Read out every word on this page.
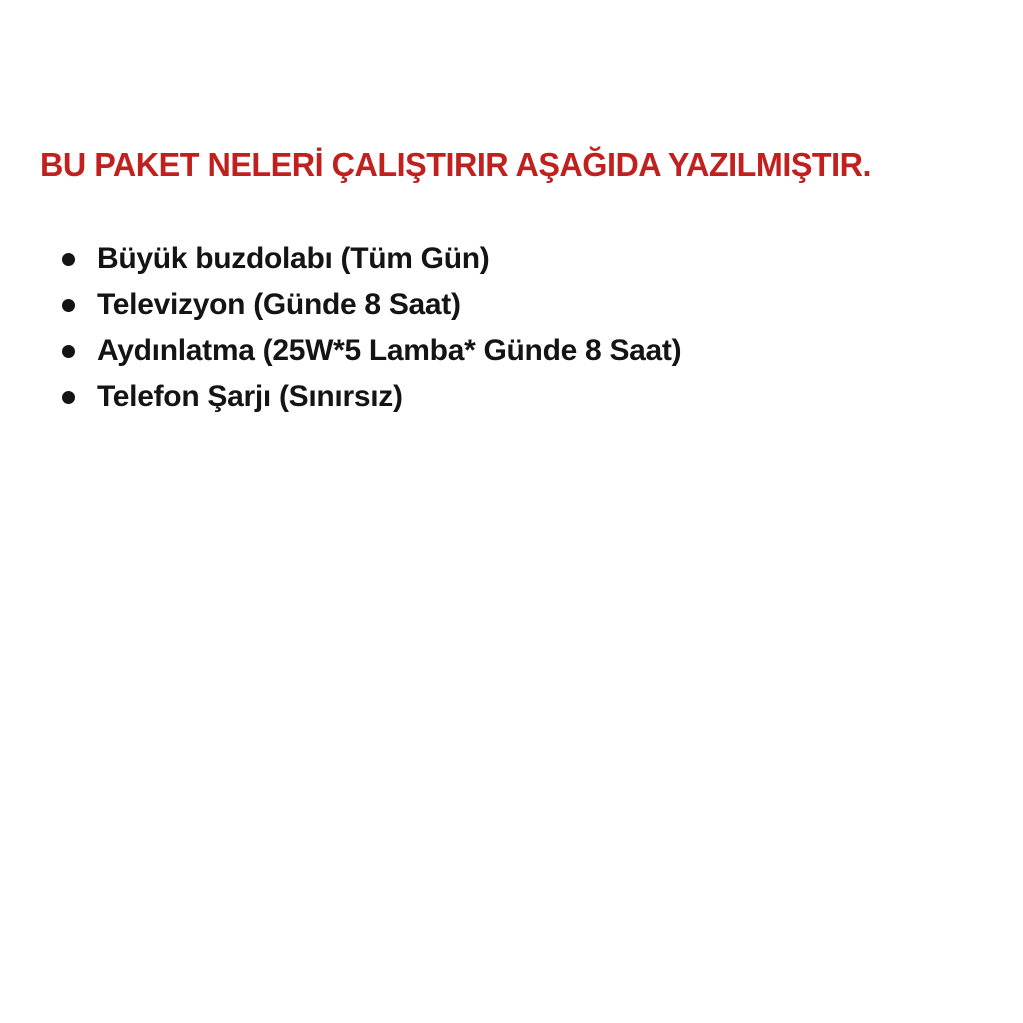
BU PAKET NELERİ ÇALIŞTIRIR AŞAĞIDA YAZILMIŞTIR.
Büyük buzdolabı (Tüm Gün)
Televizyon (Günde 8 Saat)
Aydınlatma (25W*5 Lamba* Günde 8 Saat)
Telefon Şarjı (Sınırsız)
